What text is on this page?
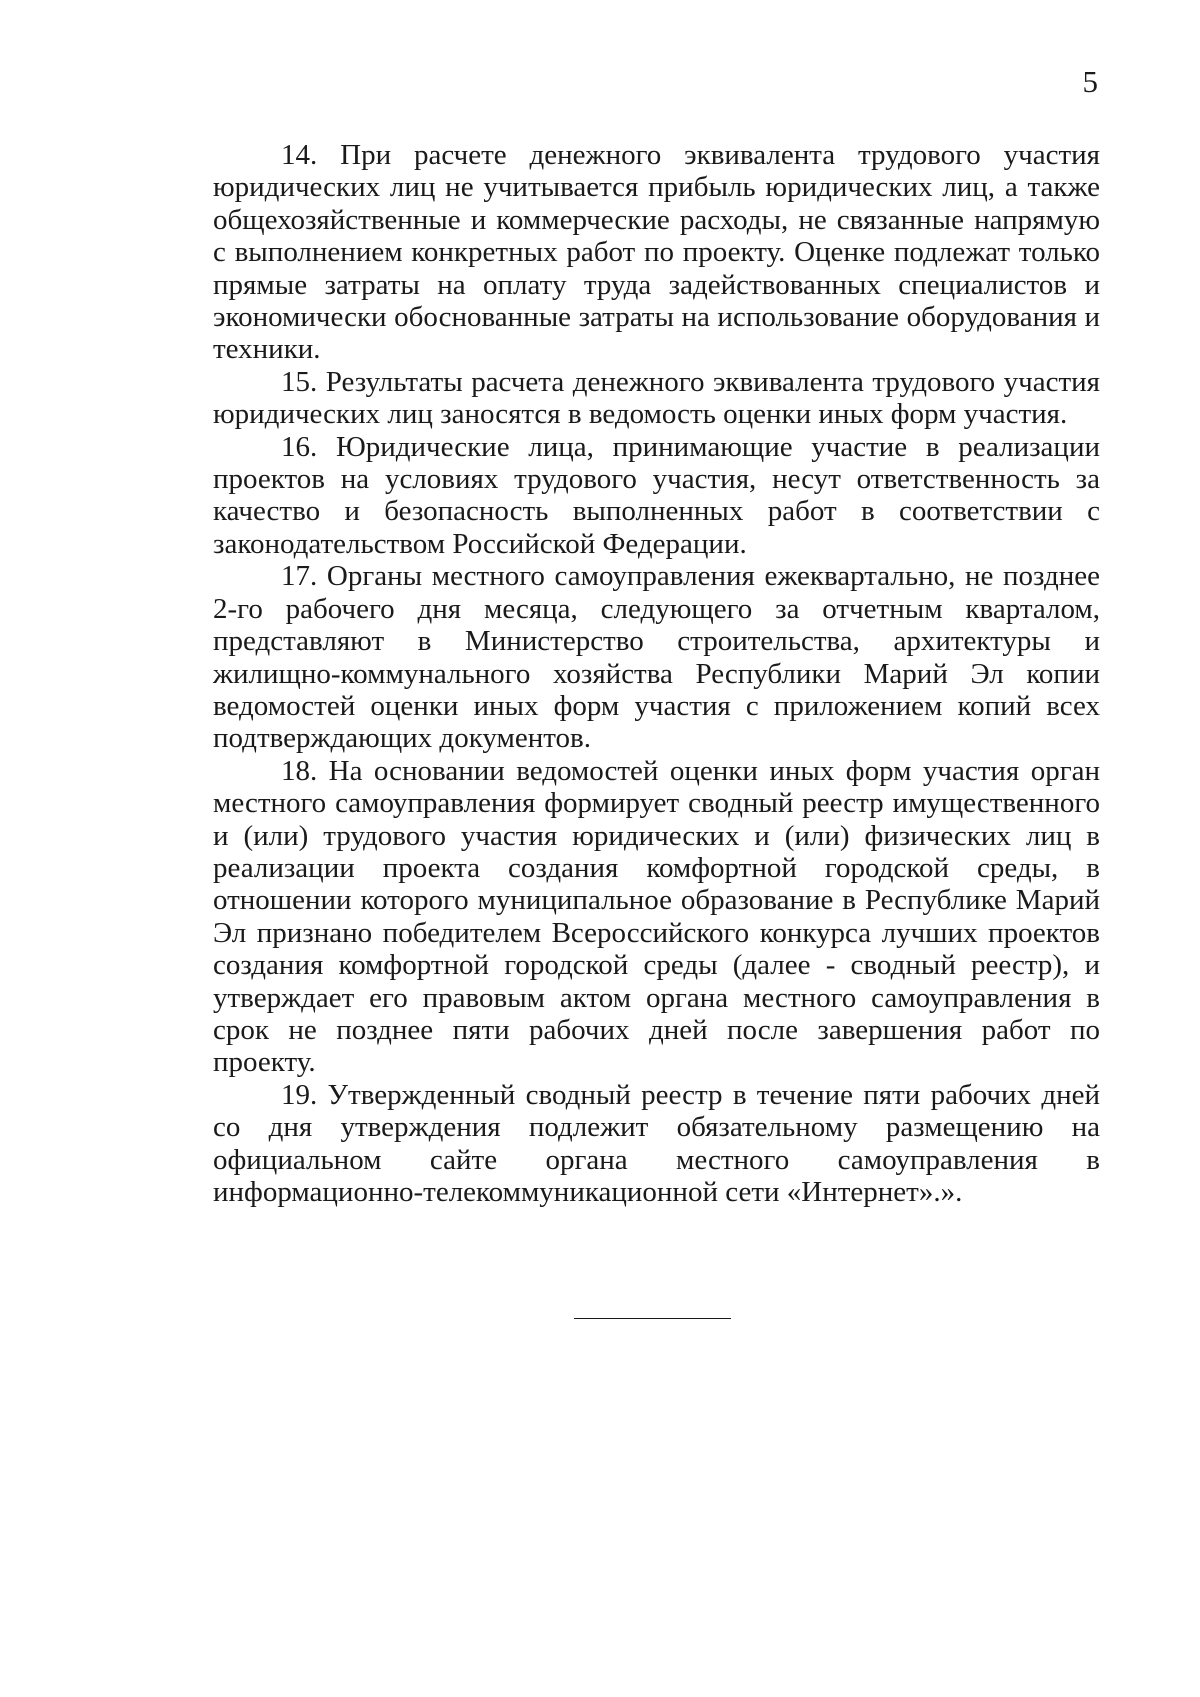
5

14. При расчете денежного эквивалента трудового участия юридических лиц не учитывается прибыль юридических лиц, а также общехозяйственные и коммерческие расходы, не связанные напрямую с выполнением конкретных работ по проекту. Оценке подлежат только прямые затраты на оплату труда задействованных специалистов и экономически обоснованные затраты на использование оборудования и техники.

15. Результаты расчета денежного эквивалента трудового участия юридических лиц заносятся в ведомость оценки иных форм участия.

16. Юридические лица, принимающие участие в реализации проектов на условиях трудового участия, несут ответственность за качество и безопасность выполненных работ в соответствии с законодательством Российской Федерации.

17. Органы местного самоуправления ежеквартально, не позднее 2-го рабочего дня месяца, следующего за отчетным кварталом, представляют в Министерство строительства, архитектуры и жилищно-коммунального хозяйства Республики Марий Эл копии ведомостей оценки иных форм участия с приложением копий всех подтверждающих документов.

18. На основании ведомостей оценки иных форм участия орган местного самоуправления формирует сводный реестр имущественного и (или) трудового участия юридических и (или) физических лиц в реализации проекта создания комфортной городской среды, в отношении которого муниципальное образование в Республике Марий Эл признано победителем Всероссийского конкурса лучших проектов создания комфортной городской среды (далее - сводный реестр), и утверждает его правовым актом органа местного самоуправления в срок не позднее пяти рабочих дней после завершения работ по проекту.

19. Утвержденный сводный реестр в течение пяти рабочих дней со дня утверждения подлежит обязательному размещению на официальном сайте органа местного самоуправления в информационно-телекоммуникационной сети «Интернет».».
